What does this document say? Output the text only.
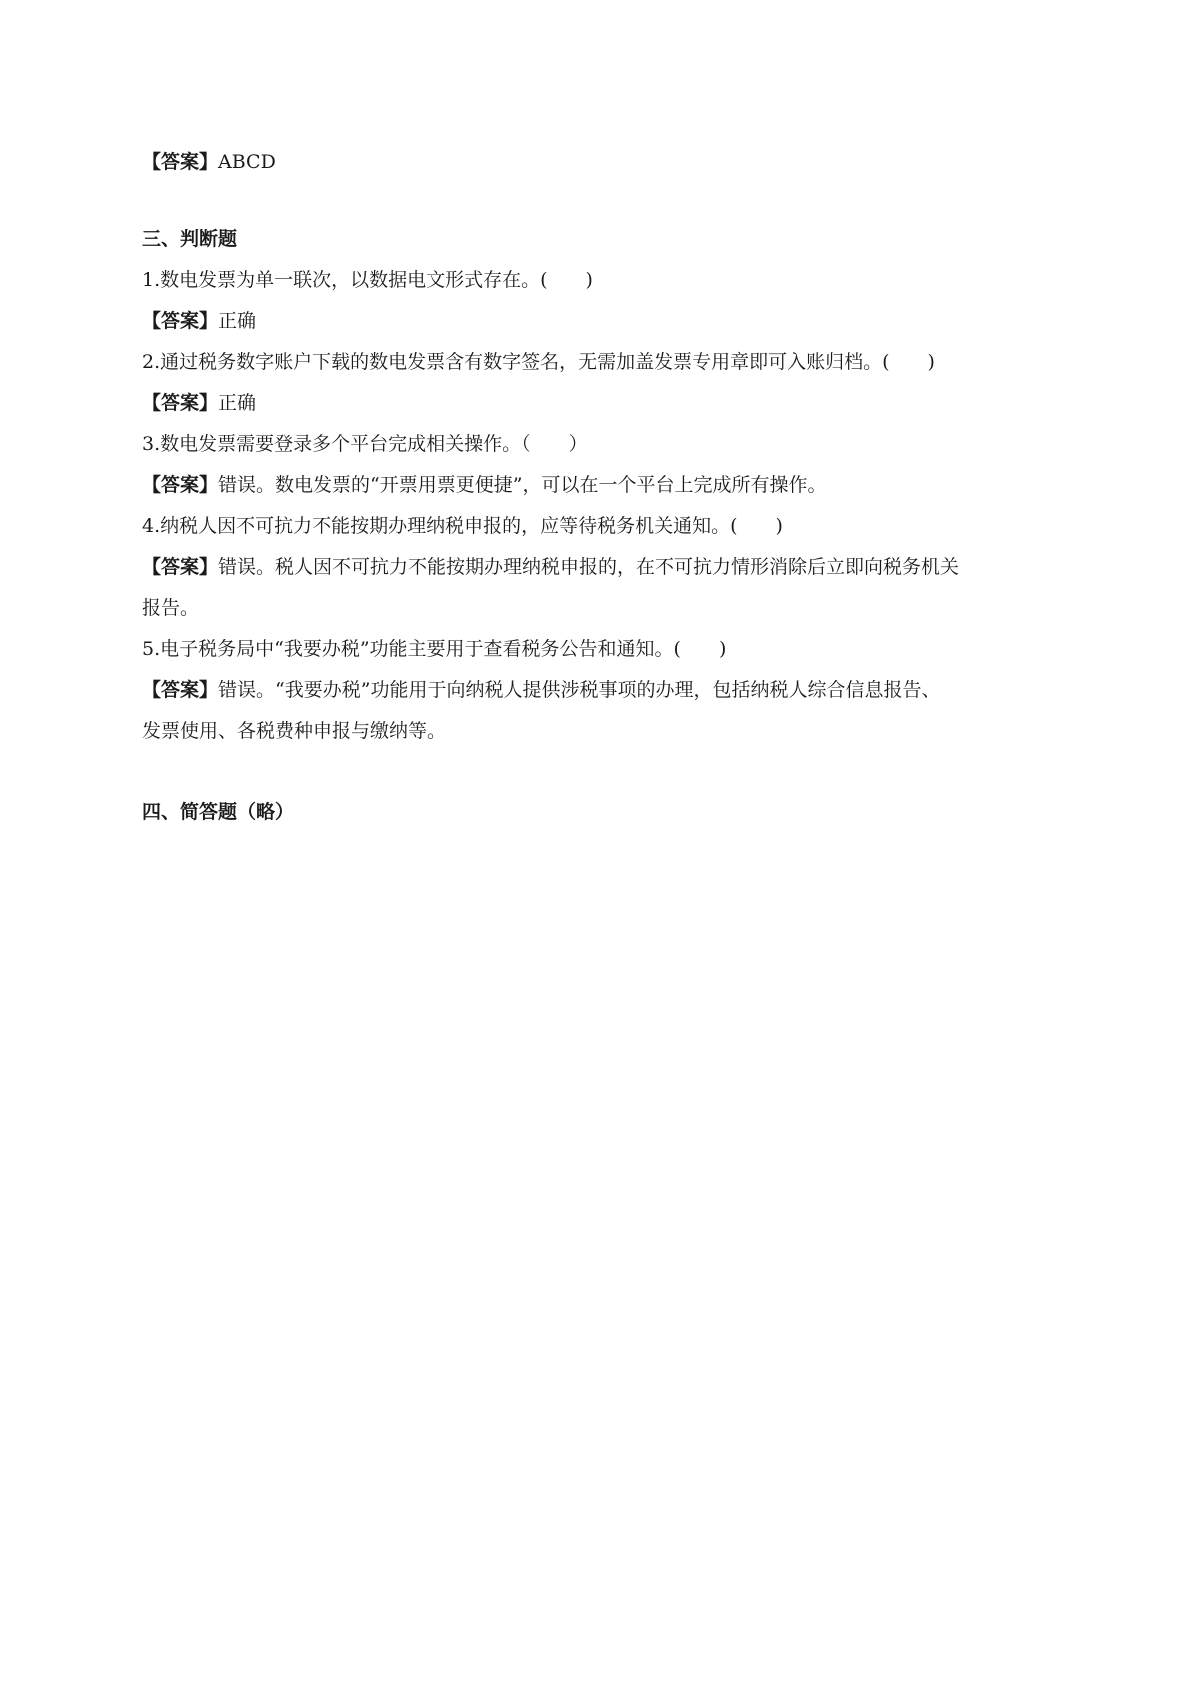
【答案】ABCD
三、判断题
1.数电发票为单一联次，以数据电文形式存在。(　　)
【答案】正确
2.通过税务数字账户下载的数电发票含有数字签名，无需加盖发票专用章即可入账归档。(　　)
【答案】正确
3.数电发票需要登录多个平台完成相关操作。（　　）
【答案】错误。数电发票的“开票用票更便捷”，可以在一个平台上完成所有操作。
4.纳税人因不可抗力不能按期办理纳税申报的，应等待税务机关通知。(　　)
【答案】错误。税人因不可抗力不能按期办理纳税申报的，在不可抗力情形消除后立即向税务机关
报告。
5.电子税务局中“我要办税”功能主要用于查看税务公告和通知。(　　)
【答案】错误。“我要办税”功能用于向纳税人提供涉税事项的办理，包括纳税人综合信息报告、
发票使用、各税费种申报与缴纳等。
四、简答题（略）
